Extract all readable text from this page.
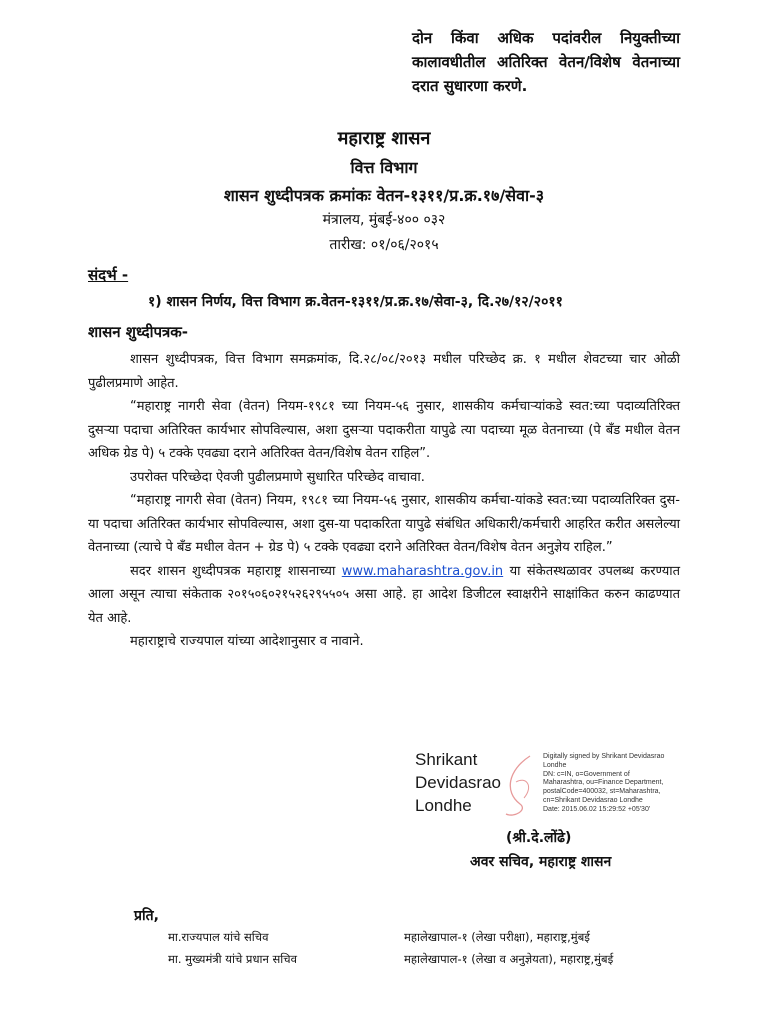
दोन किंवा अधिक पदांवरील नियुक्तीच्या कालावधीतील अतिरिक्त वेतन/विशेष वेतनाच्या दरात सुधारणा करणे.
महाराष्ट्र शासन
वित्त विभाग
शासन शुध्दीपत्रक क्रमांकः वेतन-१३११/प्र.क्र.१७/सेवा-३
मंत्रालय, मुंबई-४०० ०३२
तारीख: ०१/०६/२०१५
संदर्भ -
१) शासन निर्णय, वित्त विभाग क्र.वेतन-१३११/प्र.क्र.१७/सेवा-३, दि.२७/१२/२०११
शासन शुध्दीपत्रक-

शासन शुध्दीपत्रक, वित्त विभाग समक्रमांक, दि.२८/०८/२०१३ मधील परिच्छेद क्र. १ मधील शेवटच्या चार ओळी पुढीलप्रमाणे आहेत.

“महाराष्ट्र नागरी सेवा (वेतन) नियम-१९८१ च्या नियम-५६ नुसार, शासकीय कर्मचाऱ्यांकडे स्वत:च्या पदाव्यतिरिक्त दुसऱ्या पदाचा अतिरिक्त कार्यभार सोपविल्यास, अशा दुसऱ्या पदाकरीता यापुढे त्या पदाच्या मूळ वेतनाच्या (पे बँड मधील वेतन अधिक ग्रेड पे) ५ टक्के एवढ्या दराने अतिरिक्त वेतन/विशेष वेतन राहिल”.

उपरोक्त परिच्छेदा ऐवजी पुढीलप्रमाणे सुधारित परिच्छेद वाचावा.

“महाराष्ट्र नागरी सेवा (वेतन) नियम, १९८१ च्या नियम-५६ नुसार, शासकीय कर्मचा-यांकडे स्वत:च्या पदाव्यतिरिक्त दुस-या पदाचा अतिरिक्त कार्यभार सोपविल्यास, अशा दुस-या पदाकरिता यापुढे संबंधित अधिकारी/कर्मचारी आहरित करीत असलेल्या वेतनाच्या (त्याचे पे बँड मधील वेतन + ग्रेड पे) ५ टक्के एवढ्या दराने अतिरिक्त वेतन/विशेष वेतन अनुज्ञेय राहिल.”

सदर शासन शुध्दीपत्रक महाराष्ट्र शासनाच्या www.maharashtra.gov.in या संकेतस्थळावर उपलब्ध करण्यात आला असून त्याचा संकेताक २०१५०६०२१५२६२९५५०५ असा आहे. हा आदेश डिजीटल स्वाक्षरीने साक्षांकित करुन काढण्यात येत आहे.

महाराष्ट्राचे राज्यपाल यांच्या आदेशानुसार व नावाने.

Shrikant
Devidasrao
Londhe
Digitally signed by Shrikant Devidasrao
Londhe
DN: c=IN, o=Government of
Maharashtra, ou=Finance Department,
postalCode=400032, st=Maharashtra,
cn=Shrikant Devidasrao Londhe
Date: 2015.06.02 15:29:52 +05'30'
(श्री.दे.लोंढे)
अवर सचिव, महाराष्ट्र शासन
प्रति,
मा.राज्यपाल यांचे सचिव
मा. मुख्यमंत्री यांचे प्रधान सचिव
महालेखापाल-१ (लेखा परीक्षा), महाराष्ट्र,मुंबई
महालेखापाल-१ (लेखा व अनुज्ञेयता), महाराष्ट्र,मुंबई
